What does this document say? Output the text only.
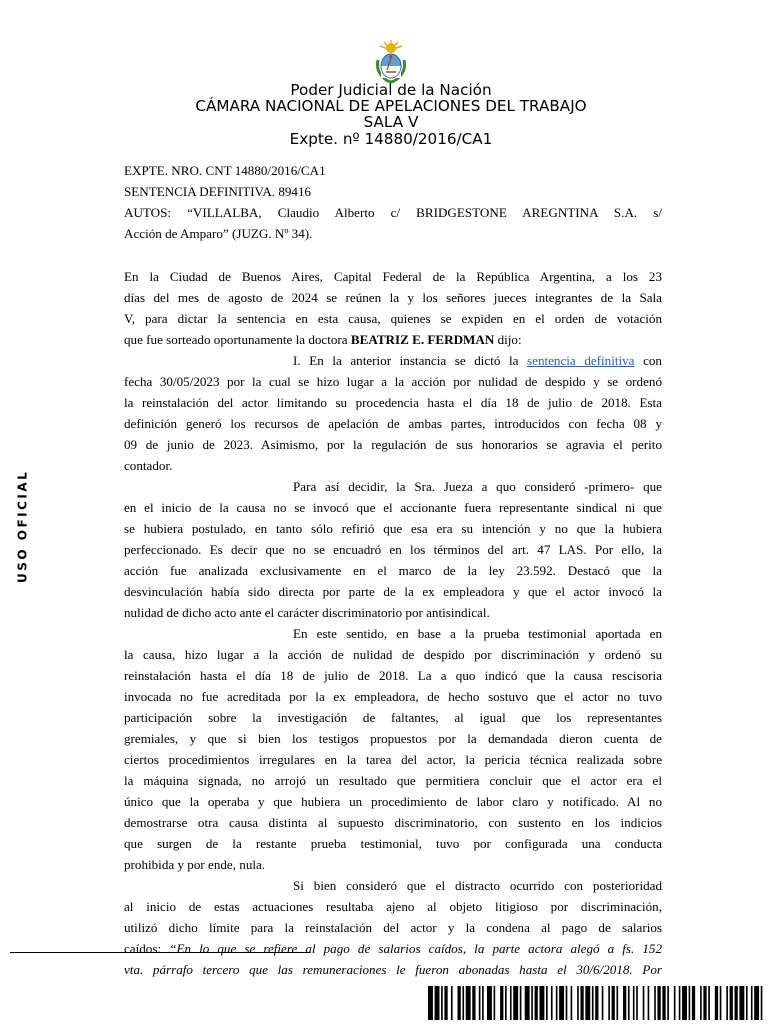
Poder Judicial de la Nación
CÁMARA NACIONAL DE APELACIONES DEL TRABAJO
SALA V
Expte. nº 14880/2016/CA1
USO OFICIAL
EXPTE. NRO. CNT 14880/2016/CA1
SENTENCIA DEFINITIVA. 89416
AUTOS: “VILLALBA, Claudio Alberto c/ BRIDGESTONE AREGNTINA S.A. s/
Acción de Amparo” (JUZG. Nº 34).
En la Ciudad de Buenos Aires, Capital Federal de la República Argentina, a los 23
días del mes de agosto de 2024 se reúnen la y los señores jueces integrantes de la Sala
V, para dictar la sentencia en esta causa, quienes se expiden en el orden de votación
que fue sorteado oportunamente la doctora BEATRIZ E. FERDMAN dijo:
I. En la anterior instancia se dictó la sentencia definitiva con
fecha 30/05/2023 por la cual se hizo lugar a la acción por nulidad de despido y se ordenó
la reinstalación del actor limitando su procedencia hasta el día 18 de julio de 2018. Esta
definición generó los recursos de apelación de ambas partes, introducidos con fecha 08 y
09 de junio de 2023. Asimismo, por la regulación de sus honorarios se agravia el perito
contador.
Para así decidir, la Sra. Jueza a quo consideró -primero- que
en el inicio de la causa no se invocó que el accionante fuera representante sindical ni que
se hubiera postulado, en tanto sólo refirió que esa era su intención y no que la hubiera
perfeccionado. Es decir que no se encuadró en los términos del art. 47 LAS. Por ello, la
acción fue analizada exclusivamente en el marco de la ley 23.592. Destacó que la
desvinculación había sido directa por parte de la ex empleadora y que el actor invocó la
nulidad de dicho acto ante el carácter discriminatorio por antisindical.
En este sentido, en base a la prueba testimonial aportada en
la causa, hizo lugar a la acción de nulidad de despido por discriminación y ordenó su
reinstalación hasta el día 18 de julio de 2018. La a quo indicó que la causa rescisoria
invocada no fue acreditada por la ex empleadora, de hecho sostuvo que el actor no tuvo
participación sobre la investigación de faltantes, al igual que los representantes
gremiales, y que si bien los testigos propuestos por la demandada dieron cuenta de
ciertos procedimientos irregulares en la tarea del actor, la pericia técnica realizada sobre
la máquina signada, no arrojó un resultado que permitiera concluir que el actor era el
único que la operaba y que hubiera un procedimiento de labor claro y notificado. Al no
demostrarse otra causa distinta al supuesto discriminatorio, con sustento en los indicios
que surgen de la restante prueba testimonial, tuvo por configurada una conducta
prohibida y por ende, nula.
Si bien consideró que el distracto ocurrido con posterioridad
al inicio de estas actuaciones resultaba ajeno al objeto litigioso por discriminación,
utilizó dicho límite para la reinstalación del actor y la condena al pago de salarios
caídos: “En lo que se refiere al pago de salarios caídos, la parte actora alegó a fs. 152
vta. párrafo tercero que las remuneraciones le fueron abonadas hasta el 30/6/2018. Por
